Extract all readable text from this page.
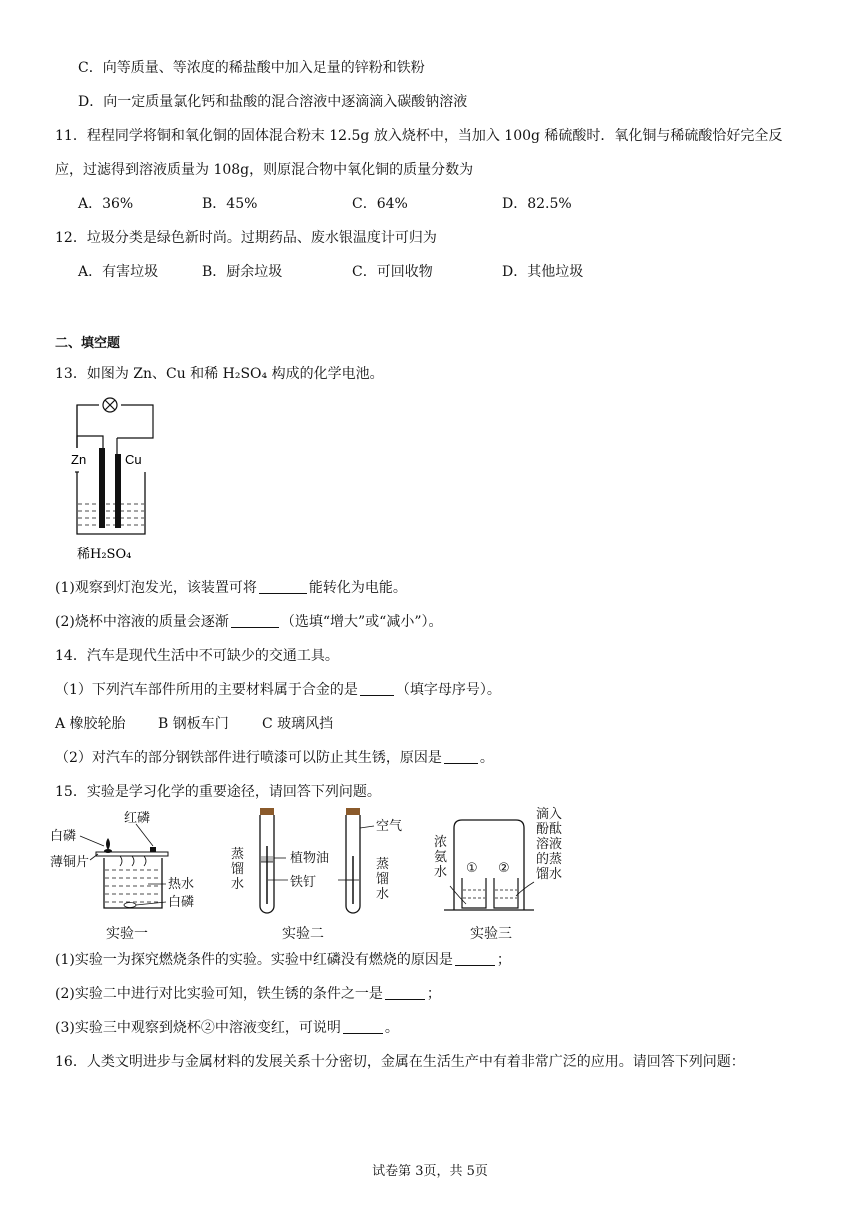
C．向等质量、等浓度的稀盐酸中加入足量的锌粉和铁粉
D．向一定质量氯化钙和盐酸的混合溶液中逐滴滴入碳酸钠溶液
11．程程同学将铜和氧化铜的固体混合粉末 12.5g 放入烧杯中，当加入 100g 稀硫酸时．氧化铜与稀硫酸恰好完全反
应，过滤得到溶液质量为 108g，则原混合物中氧化铜的质量分数为
A．36%	B．45%	C．64%	D．82.5%
12．垃圾分类是绿色新时尚。过期药品、废水银温度计可归为
A．有害垃圾	B．厨余垃圾	C．可回收物	D．其他垃圾
二、填空题
13．如图为 Zn、Cu 和稀 H₂SO₄ 构成的化学电池。
Zn	Cu
稀H₂SO₄
(1)观察到灯泡发光，该装置可将	能转化为电能。
(2)烧杯中溶液的质量会逐渐	（选填“增大”或“减小”）。
14．汽车是现代生活中不可缺少的交通工具。
（1）下列汽车部件所用的主要材料属于合金的是	（填字母序号）。
A 橡胶轮胎 B 钢板车门 C 玻璃风挡
（2）对汽车的部分钢铁部件进行喷漆可以防止其生锈，原因是	。
15．实验是学习化学的重要途径，请回答下列问题。
白磷
红磷
薄铜片
热水
白磷
实验一
植物油
铁钉
空气
蒸馏水
蒸馏水
实验二
① ②
浓氨水
滴入酚酞溶液的蒸馏水
实验三
(1)实验一为探究燃烧条件的实验。实验中红磷没有燃烧的原因是	；
(2)实验二中进行对比实验可知，铁生锈的条件之一是	；
(3)实验三中观察到烧杯②中溶液变红，可说明	。
16．人类文明进步与金属材料的发展关系十分密切，金属在生活生产中有着非常广泛的应用。请回答下列问题：
试卷第 3页，共 5页
